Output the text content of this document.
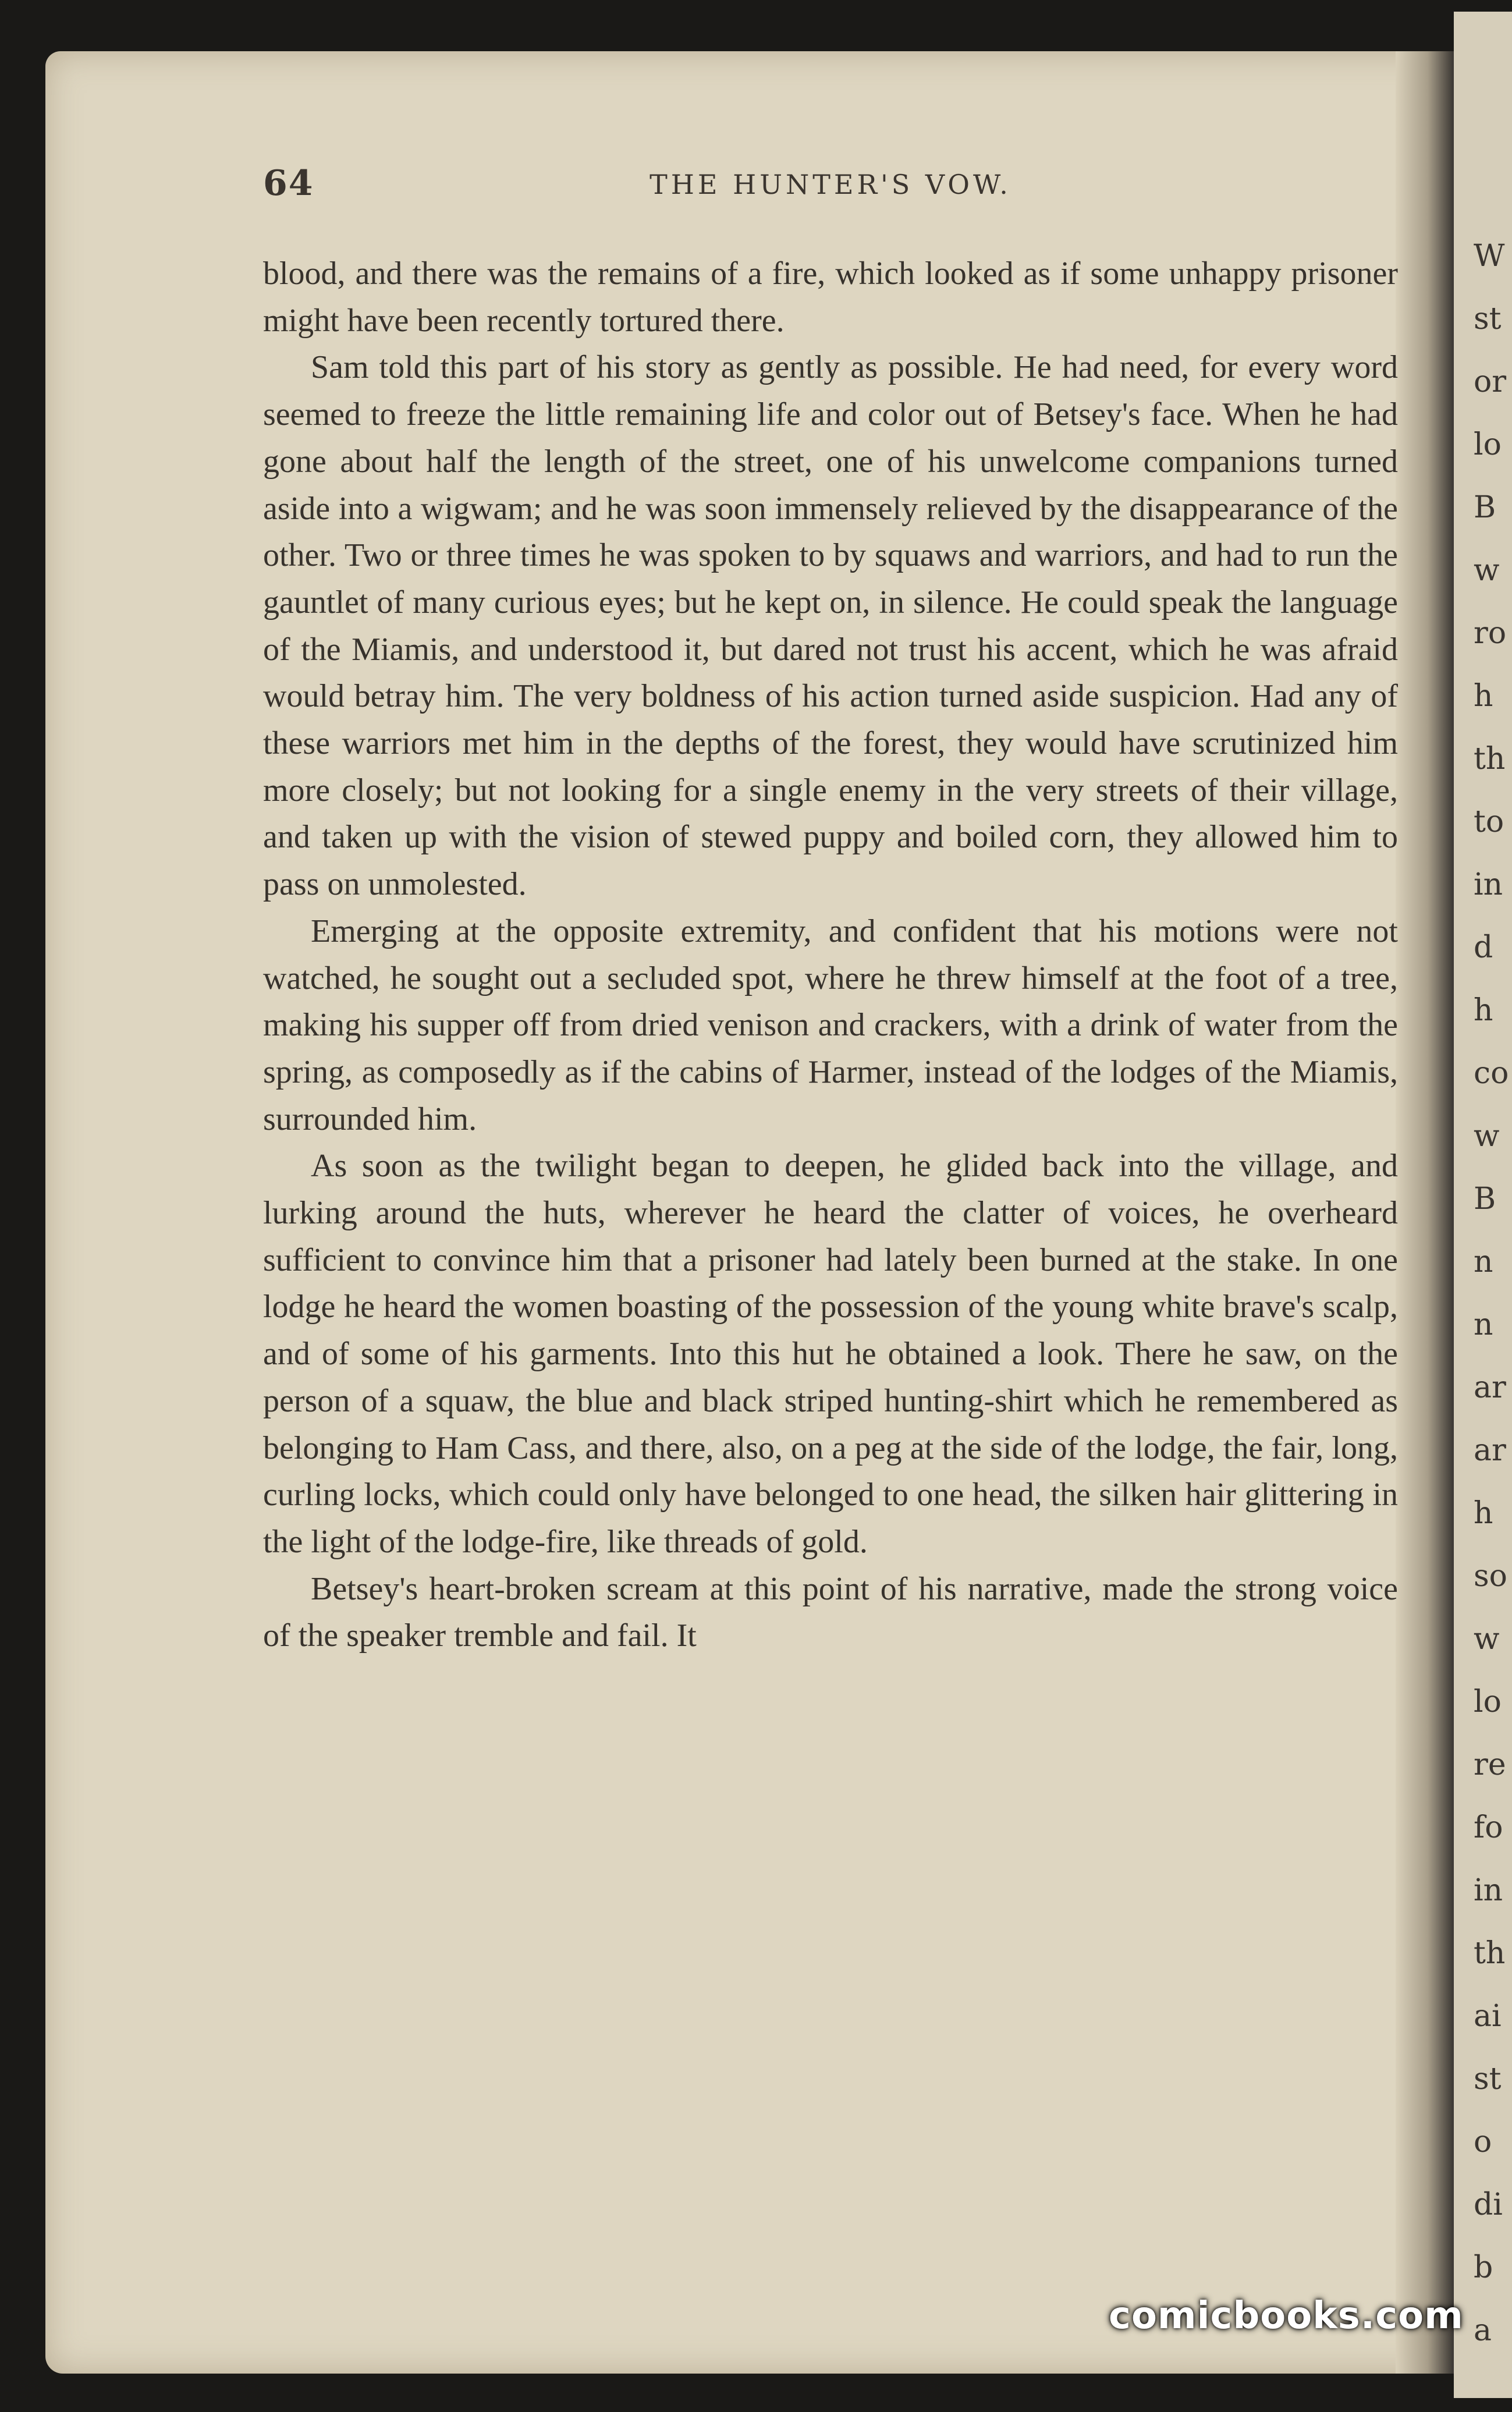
W
st
or
lo
B
w
ro
h
th
to
in
d
h
co
w
B
n
n
ar
ar
h
so
w
lo
re
fo
in
th
ai
st
o
di
b
a
64	THE HUNTER'S VOW.

blood, and there was the remains of a fire, which looked as if some unhappy prisoner might have been recently tortured there.

Sam told this part of his story as gently as possible. He had need, for every word seemed to freeze the little remaining life and color out of Betsey's face. When he had gone about half the length of the street, one of his unwelcome companions turned aside into a wigwam; and he was soon immensely relieved by the disappearance of the other. Two or three times he was spoken to by squaws and warriors, and had to run the gauntlet of many curious eyes; but he kept on, in silence. He could speak the language of the Miamis, and understood it, but dared not trust his accent, which he was afraid would betray him. The very boldness of his action turned aside suspicion. Had any of these warriors met him in the depths of the forest, they would have scrutinized him more closely; but not looking for a single enemy in the very streets of their village, and taken up with the vision of stewed puppy and boiled corn, they allowed him to pass on unmolested.

Emerging at the opposite extremity, and confident that his motions were not watched, he sought out a secluded spot, where he threw himself at the foot of a tree, making his supper off from dried venison and crackers, with a drink of water from the spring, as composedly as if the cabins of Harmer, instead of the lodges of the Miamis, surrounded him.

As soon as the twilight began to deepen, he glided back into the village, and lurking around the huts, wherever he heard the clatter of voices, he overheard sufficient to convince him that a prisoner had lately been burned at the stake. In one lodge he heard the women boasting of the possession of the young white brave's scalp, and of some of his garments. Into this hut he obtained a look. There he saw, on the person of a squaw, the blue and black striped hunting-shirt which he remembered as belonging to Ham Cass, and there, also, on a peg at the side of the lodge, the fair, long, curling locks, which could only have belonged to one head, the silken hair glittering in the light of the lodge-fire, like threads of gold.

Betsey's heart-broken scream at this point of his narrative, made the strong voice of the speaker tremble and fail. It

comicbooks.com
